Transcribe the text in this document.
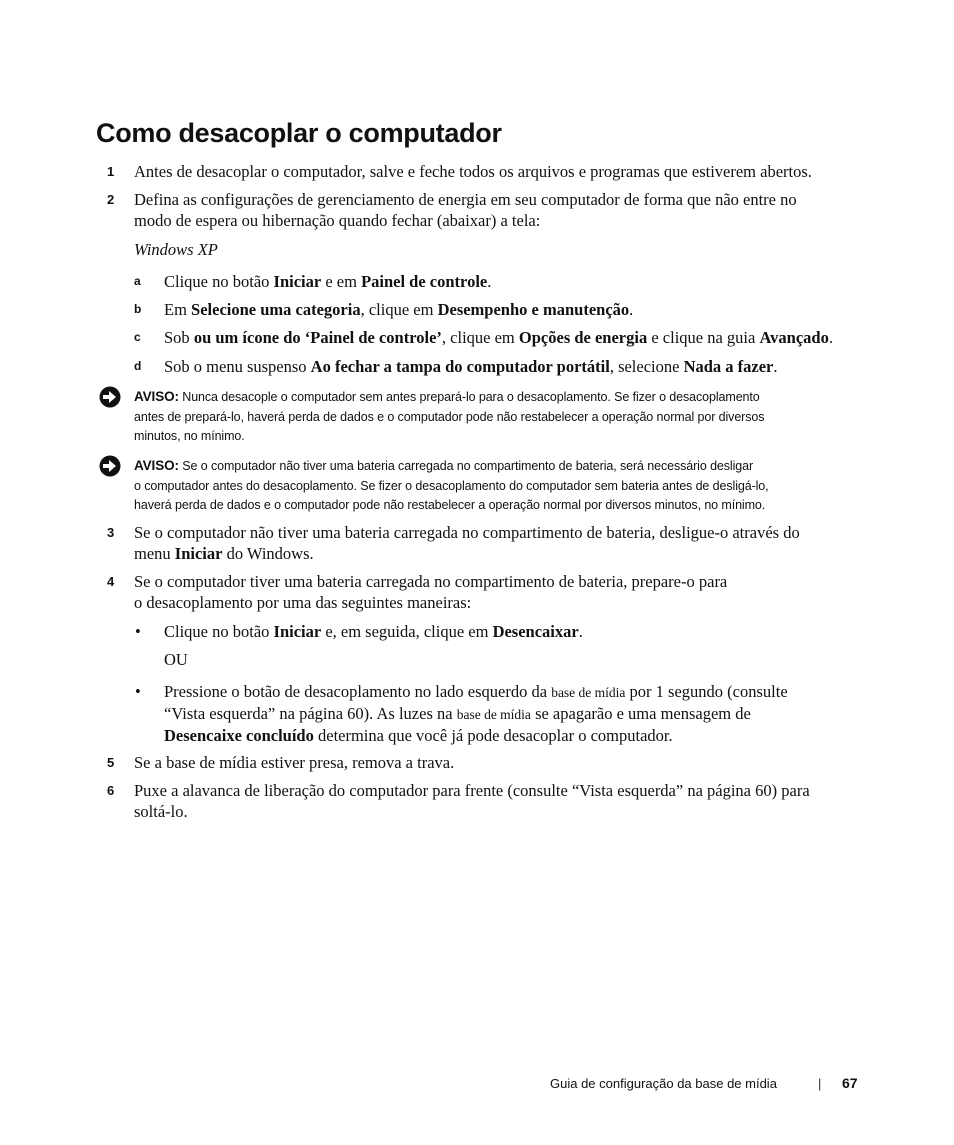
Como desacoplar o computador
1 Antes de desacoplar o computador, salve e feche todos os arquivos e programas que estiverem abertos.
2 Defina as configurações de gerenciamento de energia em seu computador de forma que não entre no
modo de espera ou hibernação quando fechar (abaixar) a tela:
Windows XP
a Clique no botão Iniciar e em Painel de controle.
b Em Selecione uma categoria, clique em Desempenho e manutenção.
c Sob ou um ícone do ‘Painel de controle’, clique em Opções de energia e clique na guia Avançado.
d Sob o menu suspenso Ao fechar a tampa do computador portátil, selecione Nada a fazer.
AVISO: Nunca desacople o computador sem antes prepará-lo para o desacoplamento. Se fizer o desacoplamento
antes de prepará-lo, haverá perda de dados e o computador pode não restabelecer a operação normal por diversos
minutos, no mínimo.
AVISO: Se o computador não tiver uma bateria carregada no compartimento de bateria, será necessário desligar
o computador antes do desacoplamento. Se fizer o desacoplamento do computador sem bateria antes de desligá-lo,
haverá perda de dados e o computador pode não restabelecer a operação normal por diversos minutos, no mínimo.
3 Se o computador não tiver uma bateria carregada no compartimento de bateria, desligue-o através do
menu Iniciar do Windows.
4 Se o computador tiver uma bateria carregada no compartimento de bateria, prepare-o para
o desacoplamento por uma das seguintes maneiras:
• Clique no botão Iniciar e, em seguida, clique em Desencaixar.
OU
• Pressione o botão de desacoplamento no lado esquerdo da base de mídia por 1 segundo (consulte
“Vista esquerda” na página 60). As luzes na base de mídia se apagarão e uma mensagem de
Desencaixe concluído determina que você já pode desacoplar o computador.
5 Se a base de mídia estiver presa, remova a trava.
6 Puxe a alavanca de liberação do computador para frente (consulte “Vista esquerda” na página 60) para
soltá-lo.
Guia de configuração da base de mídia	| 67
